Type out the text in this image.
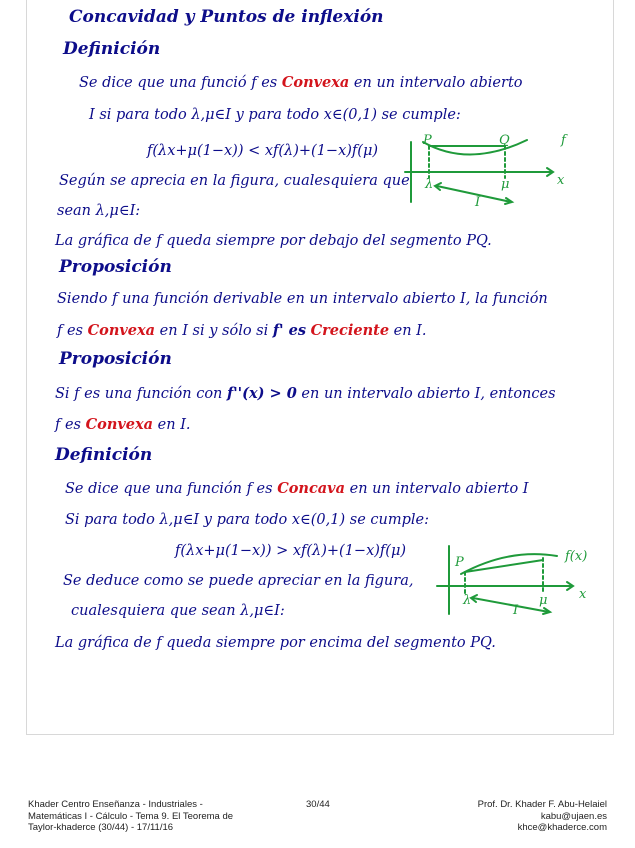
Concavidad y Puntos de inflexión

Definición

Se dice que una funció f es Convexa en un intervalo abierto

I si para todo λ,μ∈I y para todo x∈(0,1) se cumple:

f(λx+μ(1−x)) < xf(λ)+(1−x)f(μ)

Según se aprecia en la figura, cualesquiera que

sean λ,μ∈I:

La gráfica de f queda siempre por debajo del segmento PQ.

Proposición

Siendo f una función derivable en un intervalo abierto I, la función

f es Convexa en I si y sólo si f' es Creciente en I.

Proposición

Si f es una función con f''(x) > 0 en un intervalo abierto I, entonces

f es Convexa en I.

Definición

Se dice que una función f es Concava en un intervalo abierto I

Si para todo λ,μ∈I y para todo x∈(0,1) se cumple:

f(λx+μ(1−x)) > xf(λ)+(1−x)f(μ)

Se deduce como se puede apreciar en la figura,

cualesquiera que sean λ,μ∈I:

La gráfica de f queda siempre por encima del segmento PQ.

P	Q	f
λ	μ	x
I
P	f(x)
λ	μ x
I
Khader Centro Enseñanza - Industriales -
Matemáticas I - Cálculo - Tema 9. El Teorema de
Taylor-khaderce (30/44) - 17/11/16
30/44	Prof. Dr. Khader F. Abu-Helaiel
kabu@ujaen.es
khce@khaderce.com
